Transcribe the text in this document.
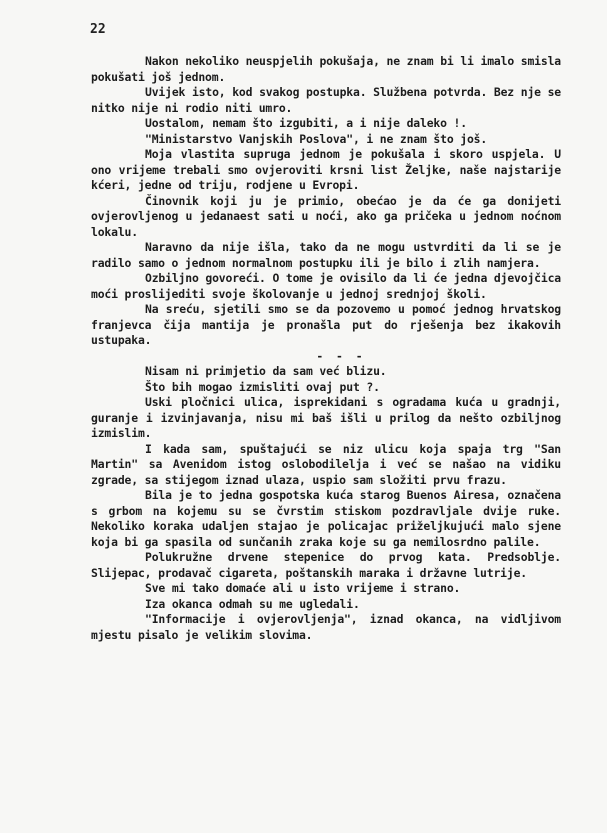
22

Nakon nekoliko neuspjelih pokušaja, ne znam bi li imalo smisla pokušati još jednom.

Uvijek isto, kod svakog postupka. Službena potvrda. Bez nje se nitko nije ni rodio niti umro.

Uostalom, nemam što izgubiti, a i nije daleko !.

"Ministarstvo Vanjskih Poslova", i ne znam što još.

Moja vlastita supruga jednom je pokušala i skoro uspjela. U ono vrijeme trebali smo ovjeroviti krsni list Željke, naše najstarije kćeri, jedne od triju, rodjene u Evropi.

Činovnik koji ju je primio, obećao je da će ga donijeti ovjerovljenog u jedanaest sati u noći, ako ga pričeka u jednom noćnom lokalu.

Naravno da nije išla, tako da ne mogu ustvrditi da li se je radilo samo o jednom normalnom postupku ili je bilo i zlih namjera.

Ozbiljno govoreći. O tome je ovisilo da li će jedna djevojčica moći proslijediti svoje školovanje u jednoj srednjoj školi.

Na sreću, sjetili smo se da pozovemo u pomoć jednog hrvatskog franjevca čija mantija je pronašla put do rješenja bez ikakovih ustupaka.

- - -

Nisam ni primjetio da sam već blizu.

Što bih mogao izmisliti ovaj put ?.

Uski pločnici ulica, isprekidani s ogradama kuća u gradnji, guranje i izvinjavanja, nisu mi baš išli u prilog da nešto ozbiljnog izmislim.

I kada sam, spuštajući se niz ulicu koja spaja trg "San Martin" sa Avenidom istog oslobodilelja i već se našao na vidiku zgrade, sa stijegom iznad ulaza, uspio sam složiti prvu frazu.

Bila je to jedna gospotska kuća starog Buenos Airesa, označena s grbom na kojemu su se čvrstim stiskom pozdravljale dvije ruke. Nekoliko koraka udaljen stajao je policajac priželjkujući malo sjene koja bi ga spasila od sunčanih zraka koje su ga nemilosrdno palile.

Polukružne drvene stepenice do prvog kata. Predsoblje. Slijepac, prodavač cigareta, poštanskih maraka i državne lutrije.

Sve mi tako domaće ali u isto vrijeme i strano.

Iza okanca odmah su me ugledali.

"Informacije i ovjerovljenja", iznad okanca, na vidljivom mjestu pisalo je velikim slovima.
